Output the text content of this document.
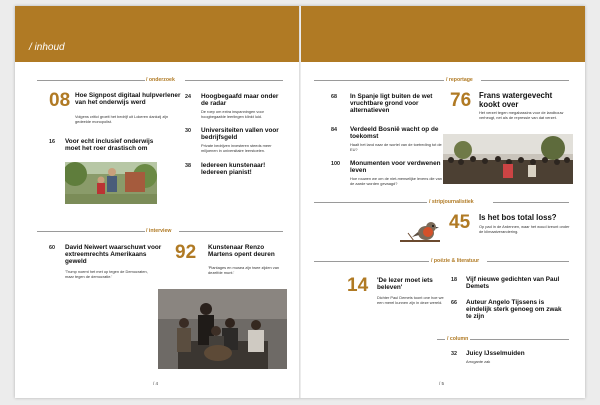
/ inhoud
/ onderzoek
08 Hoe Signpost digitaal hulpverlener van het onderwijs werd
Volgens critici groeit het bedrijf uit Lokeren dankzij zijn gedeelde monopolist.
16 Voor echt inclusief onderwijs moet het roer drastisch om
24 Hoogbegaafd maar onder de radar
De roep om extra inspanningen voor hoogbegaafde leerlingen klinkt luid.
30 Universiteiten vallen voor bedrijfsgeld
Private bedrijven investeren steeds meer miljoenen in universitaire leerstoelen.
38 Iedereen kunstenaar! Iedereen pianist!
/ interview
60 David Neiwert waarschuwt voor extreemrechts Amerikaans geweld
'Trump noemt het met op tegen de Democraten, maar tegen de democratie.'
92 Kunstenaar Renzo Martens opent deuren
'Plantages en musea zijn twee zijden van dezelfde munt.'
/ 4
/ reportage
68 In Spanje ligt buiten de wet vruchtbare grond voor alternatieven
84 Verdeeld Bosnië wacht op de toekomst
Haalt het land naar de wortel van de toetreding tot de EU?
100 Monumenten voor verdwenen leven
Hoe rouwen we om de niet-menselijke levens die van de aarde worden gevaagd?
76 Frans watergevecht kookt over
Het verzet tegen megabassins voor de landbouw verheugt, net als de repressie van dat verzet.
/ stripjournalistiek
45 Is het bos total loss?
Op pad in de Ardennen, waar het woud kreunt onder de klimaatverandering.
/ poëzie & literatuur
14 'De lezer moet iets beleven'
Dichter Paul Demets toont one hoe we een merel kunnen zijn in deze wereld.
18 Vijf nieuwe gedichten van Paul Demets
66 Auteur Angelo Tijssens is eindelijk sterk genoeg om zwak te zijn
/ column
32 Juicy IJsselmuiden
Arrogante zak
/ 5
